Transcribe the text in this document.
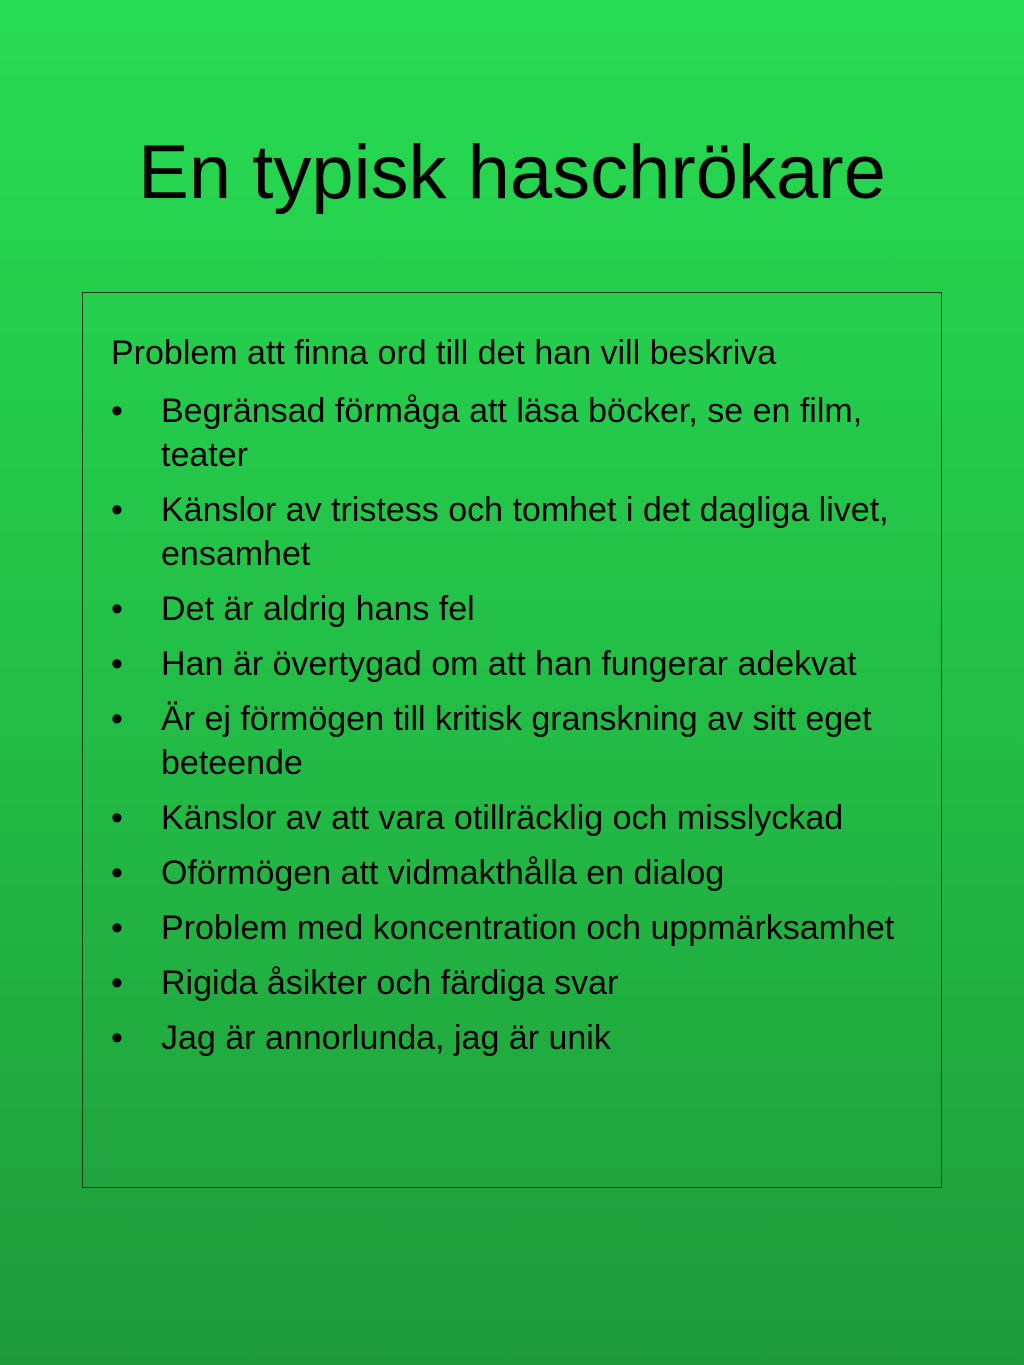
En typisk haschrökare

Problem att finna ord till det han vill beskriva

•	Begränsad förmåga att läsa böcker, se en film, teater
•	Känslor av tristess och tomhet i det dagliga livet, ensamhet
•	Det är aldrig hans fel
•	Han är övertygad om att han fungerar adekvat
•	Är ej förmögen till kritisk granskning av sitt eget beteende
•	Känslor av att vara otillräcklig och misslyckad
•	Oförmögen att vidmakthålla en dialog
•	Problem med koncentration och uppmärksamhet
•	Rigida åsikter och färdiga svar
•	Jag är annorlunda, jag är unik
